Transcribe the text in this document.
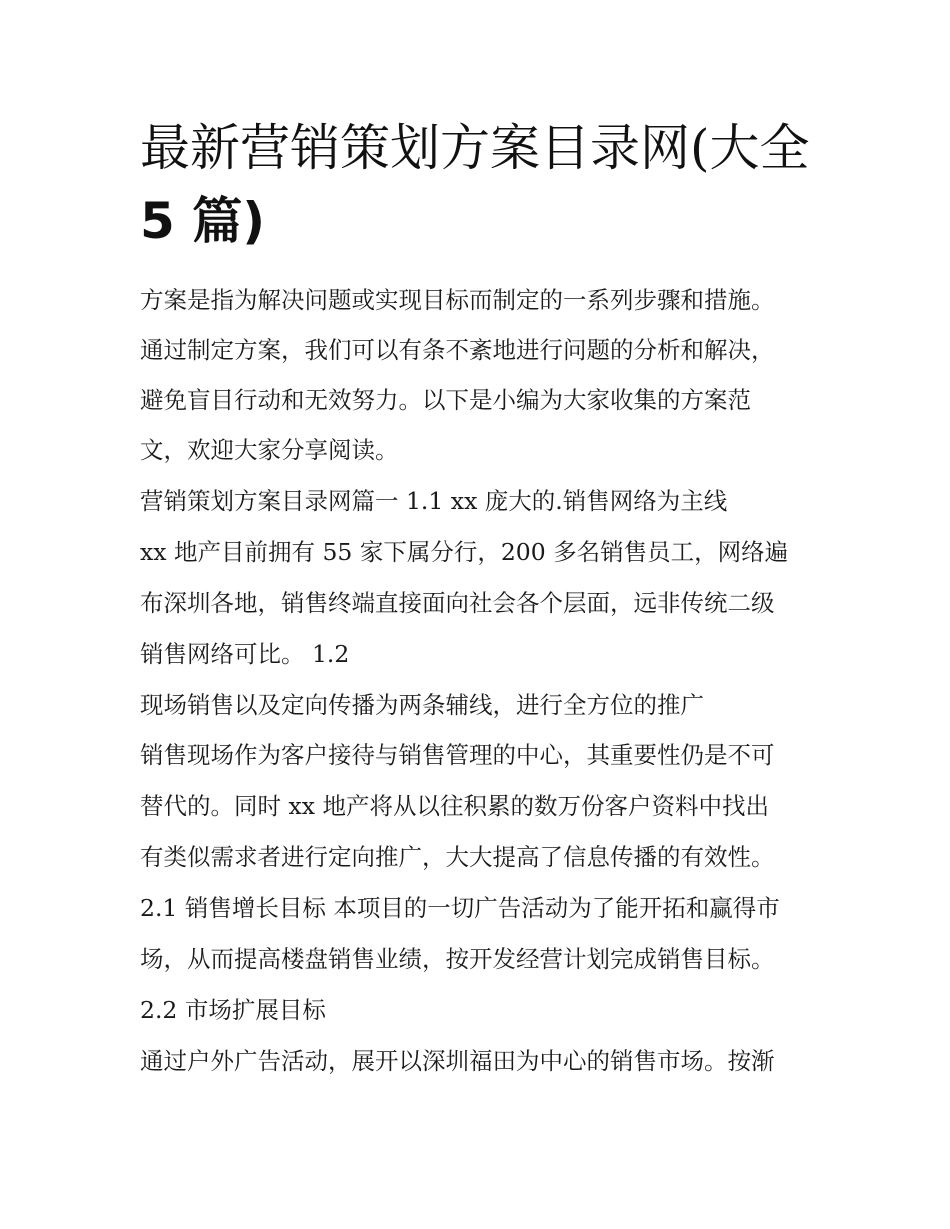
最新营销策划方案目录网(大全
5 篇)

方案是指为解决问题或实现目标而制定的一系列步骤和措施。

通过制定方案，我们可以有条不紊地进行问题的分析和解决，

避免盲目行动和无效努力。以下是小编为大家收集的方案范

文，欢迎大家分享阅读。

营销策划方案目录网篇一 1.1 xx 庞大的.销售网络为主线

xx 地产目前拥有 55 家下属分行，200 多名销售员工，网络遍

布深圳各地，销售终端直接面向社会各个层面，远非传统二级

销售网络可比。 1.2

现场销售以及定向传播为两条辅线，进行全方位的推广

销售现场作为客户接待与销售管理的中心，其重要性仍是不可

替代的。同时 xx 地产将从以往积累的数万份客户资料中找出

有类似需求者进行定向推广，大大提高了信息传播的有效性。

2.1 销售增长目标 本项目的一切广告活动为了能开拓和赢得市

场，从而提高楼盘销售业绩，按开发经营计划完成销售目标。

2.2 市场扩展目标

通过户外广告活动，展开以深圳福田为中心的销售市场。按渐
